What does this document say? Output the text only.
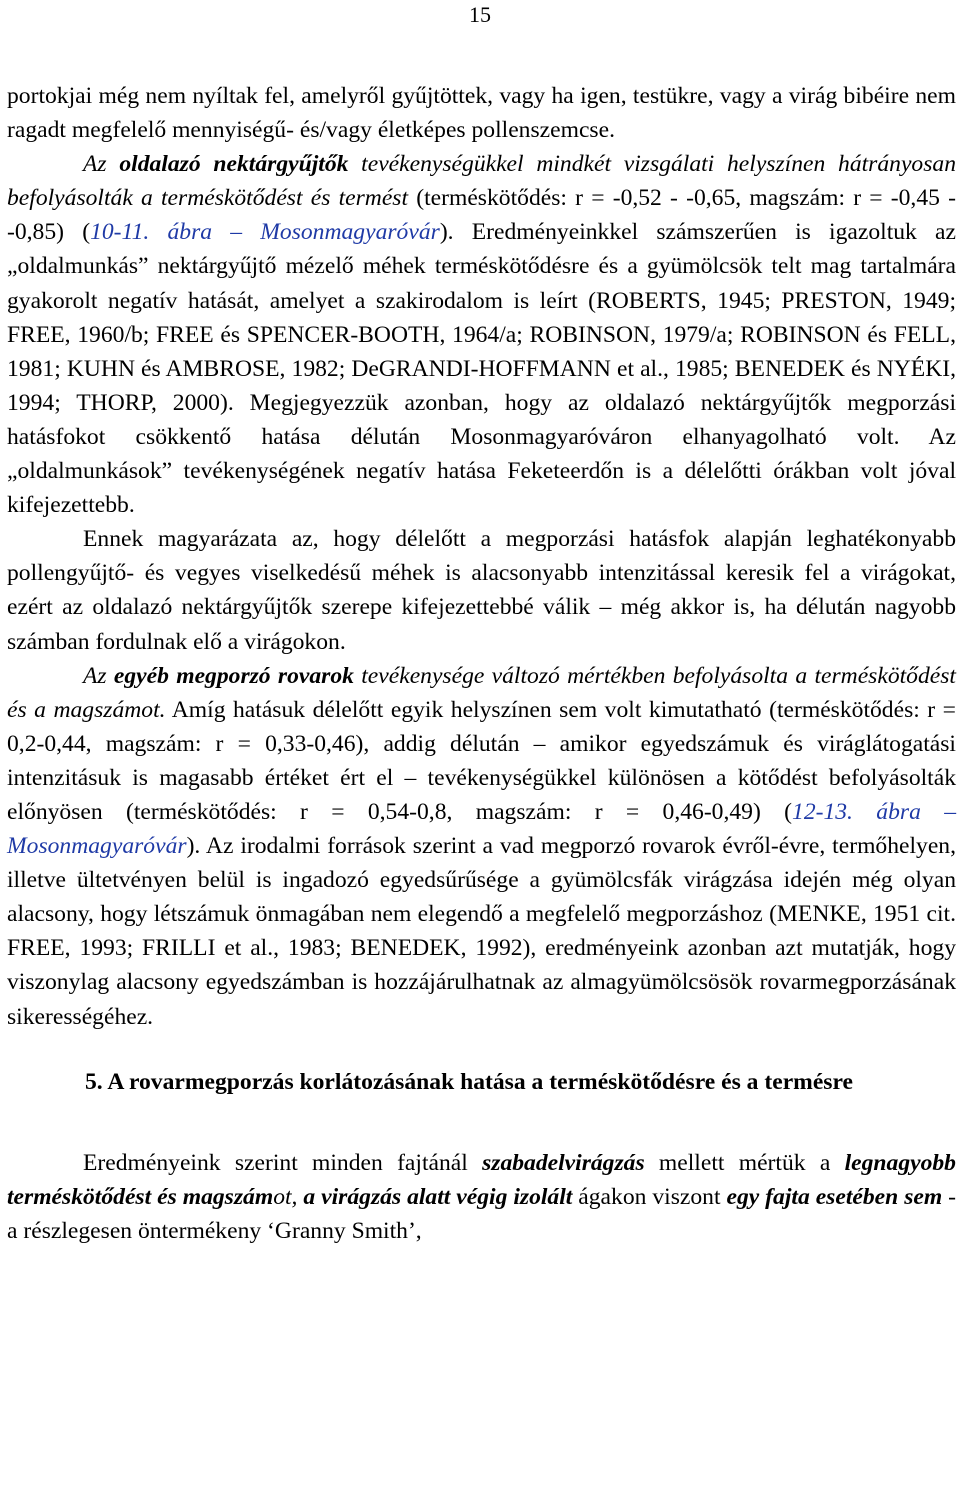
15

portokjai még nem nyíltak fel, amelyről gyűjtöttek, vagy ha igen, testükre, vagy a virág bibéire nem ragadt megfelelő mennyiségű- és/vagy életképes pollenszemcse.

Az oldalazó nektárgyűjtők tevékenységükkel mindkét vizsgálati helyszínen hátrányosan befolyásolták a terméskötődést és termést (terméskötődés: r = -0,52 - -0,65, magszám: r = -0,45 - -0,85) (10-11. ábra – Mosonmagyaróvár). Eredményeinkkel számszerűen is igazoltuk az „oldalmunkás” nektárgyűjtő mézelő méhek terméskötődésre és a gyümölcsök telt mag tartalmára gyakorolt negatív hatását, amelyet a szakirodalom is leírt (ROBERTS, 1945; PRESTON, 1949; FREE, 1960/b; FREE és SPENCER-BOOTH, 1964/a; ROBINSON, 1979/a; ROBINSON és FELL, 1981; KUHN és AMBROSE, 1982; DeGRANDI-HOFFMANN et al., 1985; BENEDEK és NYÉKI, 1994; THORP, 2000). Megjegyezzük azonban, hogy az oldalazó nektárgyűjtők megporzási hatásfokot csökkentő hatása délután Mosonmagyaróváron elhanyagolható volt. Az „oldalmunkások” tevékenységének negatív hatása Feketeerdőn is a délelőtti órákban volt jóval kifejezettebb.

Ennek magyarázata az, hogy délelőtt a megporzási hatásfok alapján leghatékonyabb pollengyűjtő- és vegyes viselkedésű méhek is alacsonyabb intenzitással keresik fel a virágokat, ezért az oldalazó nektárgyűjtők szerepe kifejezettebbé válik – még akkor is, ha délután nagyobb számban fordulnak elő a virágokon.

Az egyéb megporzó rovarok tevékenysége változó mértékben befolyásolta a terméskötődést és a magszámot. Amíg hatásuk délelőtt egyik helyszínen sem volt kimutatható (terméskötődés: r = 0,2-0,44, magszám: r = 0,33-0,46), addig délután – amikor egyedszámuk és viráglátogatási intenzitásuk is magasabb értéket ért el – tevékenységükkel különösen a kötődést befolyásolták előnyösen (terméskötődés: r = 0,54-0,8, magszám: r = 0,46-0,49) (12-13. ábra – Mosonmagyaróvár). Az irodalmi források szerint a vad megporzó rovarok évről-évre, termőhelyen, illetve ültetvényen belül is ingadozó egyedsűrűsége a gyümölcsfák virágzása idején még olyan alacsony, hogy létszámuk önmagában nem elegendő a megfelelő megporzáshoz (MENKE, 1951 cit. FREE, 1993; FRILLI et al., 1983; BENEDEK, 1992), eredményeink azonban azt mutatják, hogy viszonylag alacsony egyedszámban is hozzájárulhatnak az almagyümölcsösök rovarmegporzásának sikerességéhez.

5. A rovarmegporzás korlátozásának hatása a terméskötődésre és a termésre

Eredményeink szerint minden fajtánál szabadelvirágzás mellett mértük a legnagyobb terméskötődést és magszámot, a virágzás alatt végig izolált ágakon viszont egy fajta esetében sem - a részlegesen öntermékeny ‘Granny Smith’,
